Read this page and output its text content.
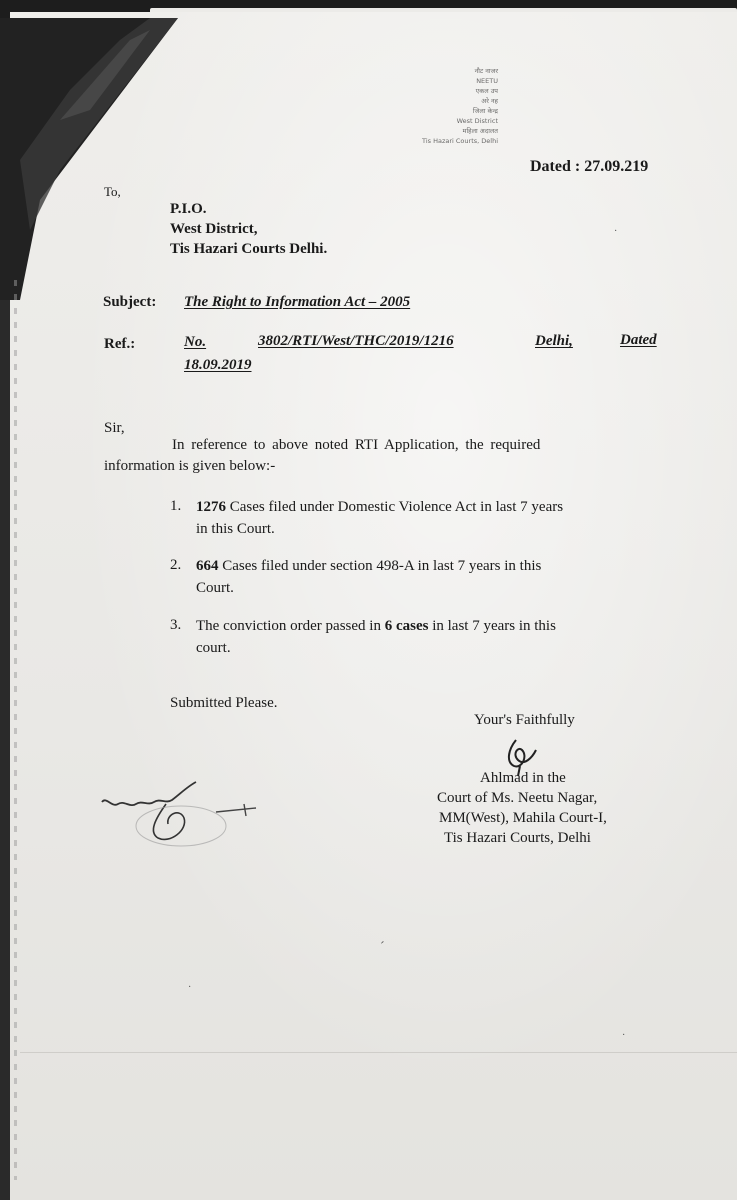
नौट नाजर
NEETU
एकल उप
अरे नह
जिला केन्द्र
West District
महिला अदालत
Tis Hazari Courts, Delhi
Dated : 27.09.219
To,
P.I.O.
West District,
Tis Hazari Courts Delhi.
Subject: The Right to Information Act – 2005
Ref.:	No.	3802/RTI/West/THC/2019/1216	Delhi,	Dated
18.09.2019
Sir,
In reference to above noted RTI Application, the required
information is given below:-
1. 1276 Cases filed under Domestic Violence Act in last 7 years
in this Court.
2. 664 Cases filed under section 498-A in last 7 years in this
Court.
3. The conviction order passed in 6 cases in last 7 years in this
court.
Submitted Please.
Your's Faithfully
Ahlmad in the
Court of Ms. Neetu Nagar,
MM(West), Mahila Court-I,
Tis Hazari Courts, Delhi
·
ˊ
·
·
